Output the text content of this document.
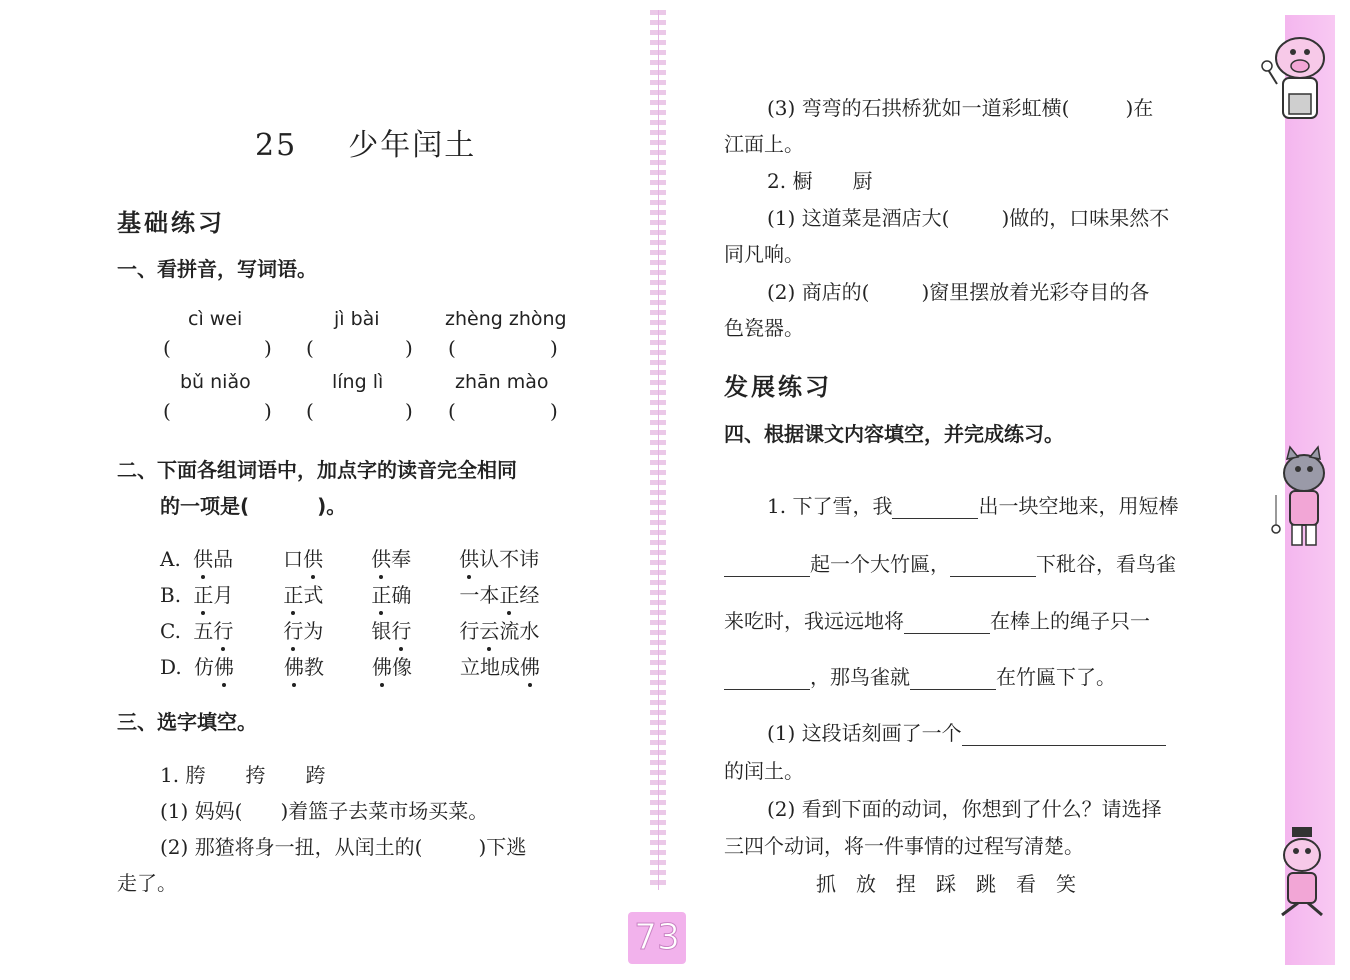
25 少年闰土
基础练习
一、看拼音，写词语。
cì wei	jì bài	zhèng zhòng
(	) (	) (	)
bǔ niǎo	líng lì	zhān mào
(	) (	) (	)
二、下面各组词语中，加点字的读音完全相同
的一项是(	)。
A. 供品	口供 供奉 供认不讳
B. 正月	正式 正确 一本正经
C. 五行	行为 银行 行云流水
D. 仿佛	佛教 佛像 立地成佛
三、选字填空。
1. 胯　　挎　　跨
(1) 妈妈( )着篮子去菜市场买菜。
(2) 那猹将身一扭，从闰土的(	)下逃
走了。
(3) 弯弯的石拱桥犹如一道彩虹横(	)在
江面上。
2. 橱　　厨
(1) 这道菜是酒店大(	)做的，口味果然不
同凡响。
(2) 商店的(	)窗里摆放着光彩夺目的各
色瓷器。
发展练习
四、根据课文内容填空，并完成练习。
1. 下了雪，我	出一块空地来，用短棒
起一个大竹匾，	下秕谷，看鸟雀
来吃时，我远远地将	在棒上的绳子只一
，那鸟雀就	在竹匾下了。
(1) 这段话刻画了一个
的闰土。
(2) 看到下面的动词，你想到了什么？请选择
三四个动词，将一件事情的过程写清楚。
抓　放　捏　踩　跳　看　笑
73
